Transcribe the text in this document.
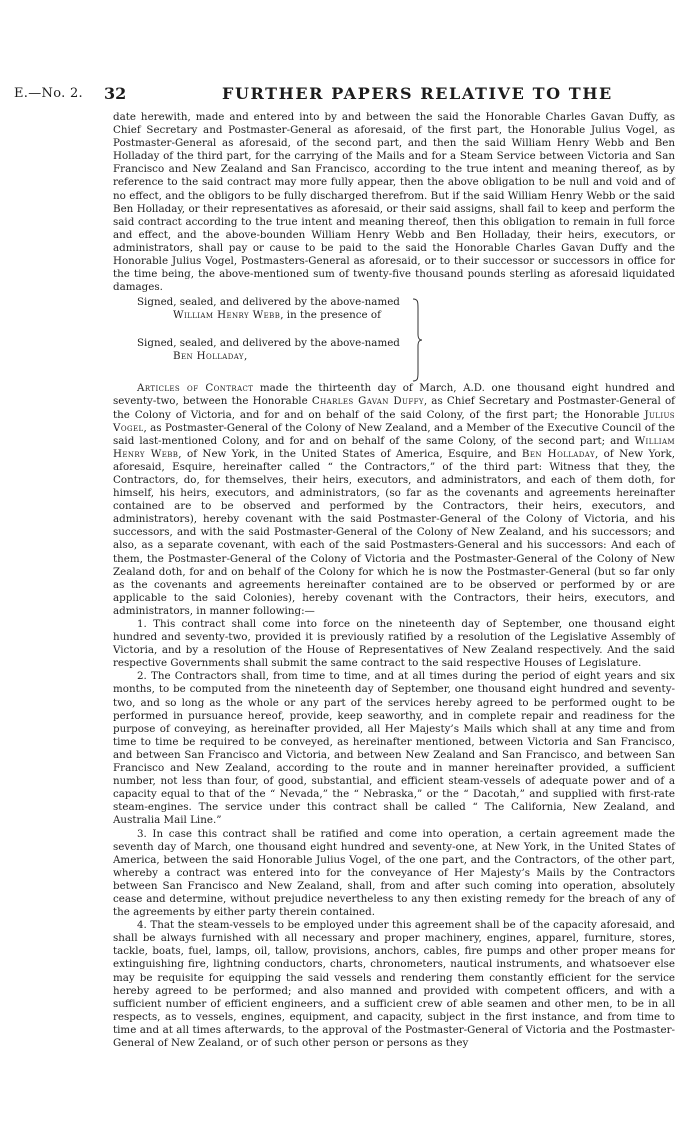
E.—No. 2. 32	FURTHER PAPERS RELATIVE TO THE

date herewith, made and entered into by and between the said the Honorable Charles Gavan Duffy, as Chief Secretary and Postmaster-General as aforesaid, of the first part, the Honorable Julius Vogel, as Postmaster-General as aforesaid, of the second part, and then the said William Henry Webb and Ben Holladay of the third part, for the carrying of the Mails and for a Steam Service between Victoria and San Francisco and New Zealand and San Francisco, according to the true intent and meaning thereof, as by reference to the said contract may more fully appear, then the above obligation to be null and void and of no effect, and the obligors to be fully discharged therefrom. But if the said William Henry Webb or the said Ben Holladay, or their representatives as aforesaid, or their said assigns, shall fail to keep and perform the said contract according to the true intent and meaning thereof, then this obligation to remain in full force and effect, and the above-bounden William Henry Webb and Ben Holladay, their heirs, executors, or administrators, shall pay or cause to be paid to the said the Honorable Charles Gavan Duffy and the Honorable Julius Vogel, Postmasters-General as aforesaid, or to their successor or successors in office for the time being, the above-mentioned sum of twenty-five thousand pounds sterling as aforesaid liquidated damages.

Signed, sealed, and delivered by the above-named
William Henry Webb, in the presence of
Signed, sealed, and delivered by the above-named
Ben Holladay,

Articles of Contract made the thirteenth day of March, A.D. one thousand eight hundred and seventy-two, between the Honorable Charles Gavan Duffy, as Chief Secretary and Postmaster-General of the Colony of Victoria, and for and on behalf of the said Colony, of the first part; the Honorable Julius Vogel, as Postmaster-General of the Colony of New Zealand, and a Member of the Executive Council of the said last-mentioned Colony, and for and on behalf of the same Colony, of the second part; and William Henry Webb, of New York, in the United States of America, Esquire, and Ben Holladay, of New York, aforesaid, Esquire, hereinafter called “ the Contractors,” of the third part: Witness that they, the Contractors, do, for themselves, their heirs, executors, and administrators, and each of them doth, for himself, his heirs, executors, and administrators, (so far as the covenants and agreements hereinafter contained are to be observed and performed by the Contractors, their heirs, executors, and administrators), hereby covenant with the said Postmaster-General of the Colony of Victoria, and his successors, and with the said Postmaster-General of the Colony of New Zealand, and his successors; and also, as a separate covenant, with each of the said Postmasters-General and his successors: And each of them, the Postmaster-General of the Colony of Victoria and the Postmaster-General of the Colony of New Zealand doth, for and on behalf of the Colony for which he is now the Postmaster-General (but so far only as the covenants and agreements hereinafter contained are to be observed or performed by or are applicable to the said Colonies), hereby covenant with the Contractors, their heirs, executors, and administrators, in manner following:—

1. This contract shall come into force on the nineteenth day of September, one thousand eight hundred and seventy-two, provided it is previously ratified by a resolution of the Legislative Assembly of Victoria, and by a resolution of the House of Representatives of New Zealand respectively. And the said respective Governments shall submit the same contract to the said respective Houses of Legislature.

2. The Contractors shall, from time to time, and at all times during the period of eight years and six months, to be computed from the nineteenth day of September, one thousand eight hundred and seventy-two, and so long as the whole or any part of the services hereby agreed to be performed ought to be performed in pursuance hereof, provide, keep seaworthy, and in complete repair and readiness for the purpose of conveying, as hereinafter provided, all Her Majesty’s Mails which shall at any time and from time to time be required to be conveyed, as hereinafter mentioned, between Victoria and San Francisco, and between San Francisco and Victoria, and between New Zealand and San Francisco, and between San Francisco and New Zealand, according to the route and in manner hereinafter provided, a sufficient number, not less than four, of good, substantial, and efficient steam-vessels of adequate power and of a capacity equal to that of the “ Nevada,” the “ Nebraska,” or the “ Dacotah,” and supplied with first-rate steam-engines. The service under this contract shall be called “ The California, New Zealand, and Australia Mail Line.”

3. In case this contract shall be ratified and come into operation, a certain agreement made the seventh day of March, one thousand eight hundred and seventy-one, at New York, in the United States of America, between the said Honorable Julius Vogel, of the one part, and the Contractors, of the other part, whereby a contract was entered into for the conveyance of Her Majesty’s Mails by the Contractors between San Francisco and New Zealand, shall, from and after such coming into operation, absolutely cease and determine, without prejudice nevertheless to any then existing remedy for the breach of any of the agreements by either party therein contained.

4. That the steam-vessels to be employed under this agreement shall be of the capacity aforesaid, and shall be always furnished with all necessary and proper machinery, engines, apparel, furniture, stores, tackle, boats, fuel, lamps, oil, tallow, provisions, anchors, cables, fire pumps and other proper means for extinguishing fire, lightning conductors, charts, chronometers, nautical instruments, and whatsoever else may be requisite for equipping the said vessels and rendering them constantly efficient for the service hereby agreed to be performed; and also manned and provided with competent officers, and with a sufficient number of efficient engineers, and a sufficient crew of able seamen and other men, to be in all respects, as to vessels, engines, equipment, and capacity, subject in the first instance, and from time to time and at all times afterwards, to the approval of the Postmaster-General of Victoria and the Postmaster-General of New Zealand, or of such other person or persons as they
